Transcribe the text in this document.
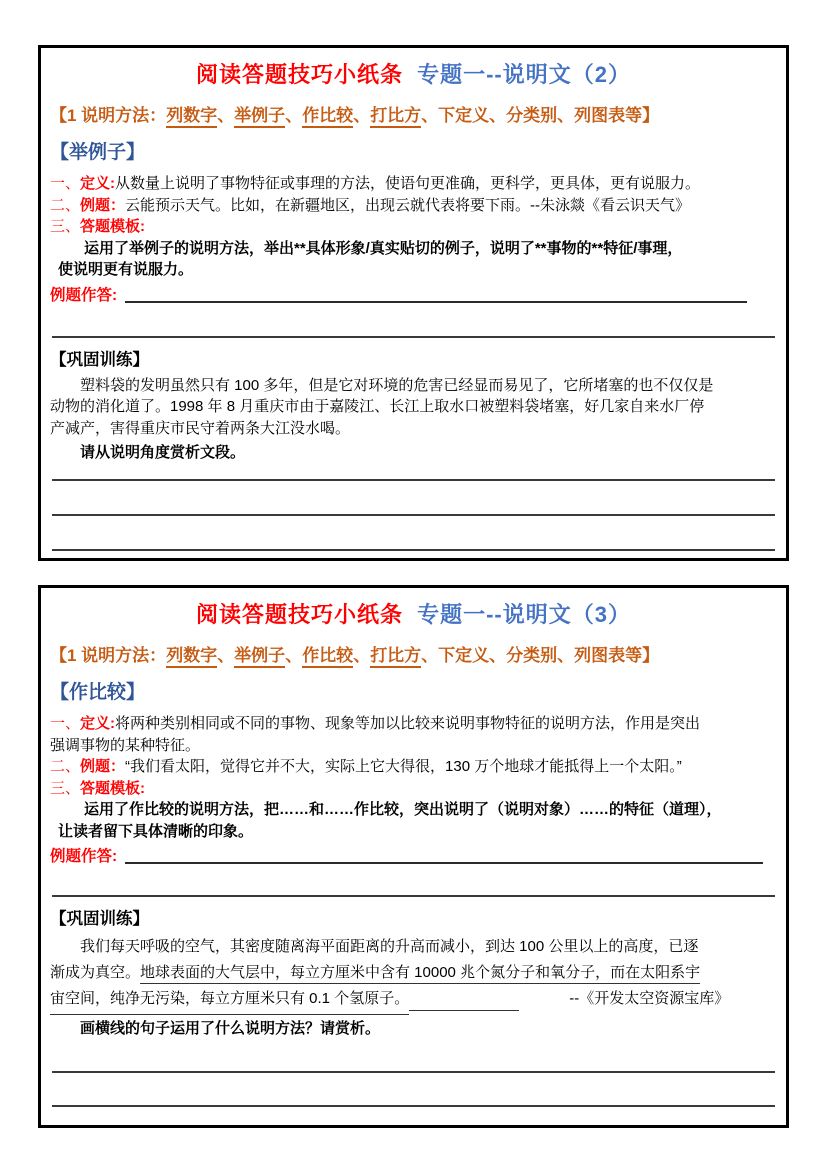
阅读答题技巧小纸条 专题一--说明文（2）
【1 说明方法：列数字、举例子、作比较、打比方、下定义、分类别、列图表等】
【举例子】
一、定义:从数量上说明了事物特征或事理的方法，使语句更准确，更科学，更具体，更有说服力。
二、例题：云能预示天气。比如，在新疆地区，出现云就代表将要下雨。--朱泳燚《看云识天气》
三、答题模板:
运用了举例子的说明方法，举出**具体形象/真实贴切的例子，说明了**事物的**特征/事理，
使说明更有说服力。
例题作答:
【巩固训练】
塑料袋的发明虽然只有 100 多年，但是它对环境的危害已经显而易见了，它所堵塞的也不仅仅是
动物的消化道了。1998 年 8 月重庆市由于嘉陵江、长江上取水口被塑料袋堵塞，好几家自来水厂停
产减产，害得重庆市民守着两条大江没水喝。
请从说明角度赏析文段。
阅读答题技巧小纸条 专题一--说明文（3）
【1 说明方法：列数字、举例子、作比较、打比方、下定义、分类别、列图表等】
【作比较】
一、定义:将两种类别相同或不同的事物、现象等加以比较来说明事物特征的说明方法，作用是突出
强调事物的某种特征。
二、例题：“我们看太阳，觉得它并不大，实际上它大得很，130 万个地球才能抵得上一个太阳。”
三、答题模板:
运用了作比较的说明方法，把……和……作比较，突出说明了（说明对象）……的特征（道理），
让读者留下具体清晰的印象。
例题作答:
【巩固训练】
我们每天呼吸的空气，其密度随离海平面距离的升高而减小，到达 100 公里以上的高度，已逐
渐成为真空。地球表面的大气层中，每立方厘米中含有 10000 兆个氮分子和氧分子，而在太阳系宇
宙空间，纯净无污染，每立方厘米只有 0.1 个氢原子。	--《开发太空资源宝库》
画横线的句子运用了什么说明方法？请赏析。
